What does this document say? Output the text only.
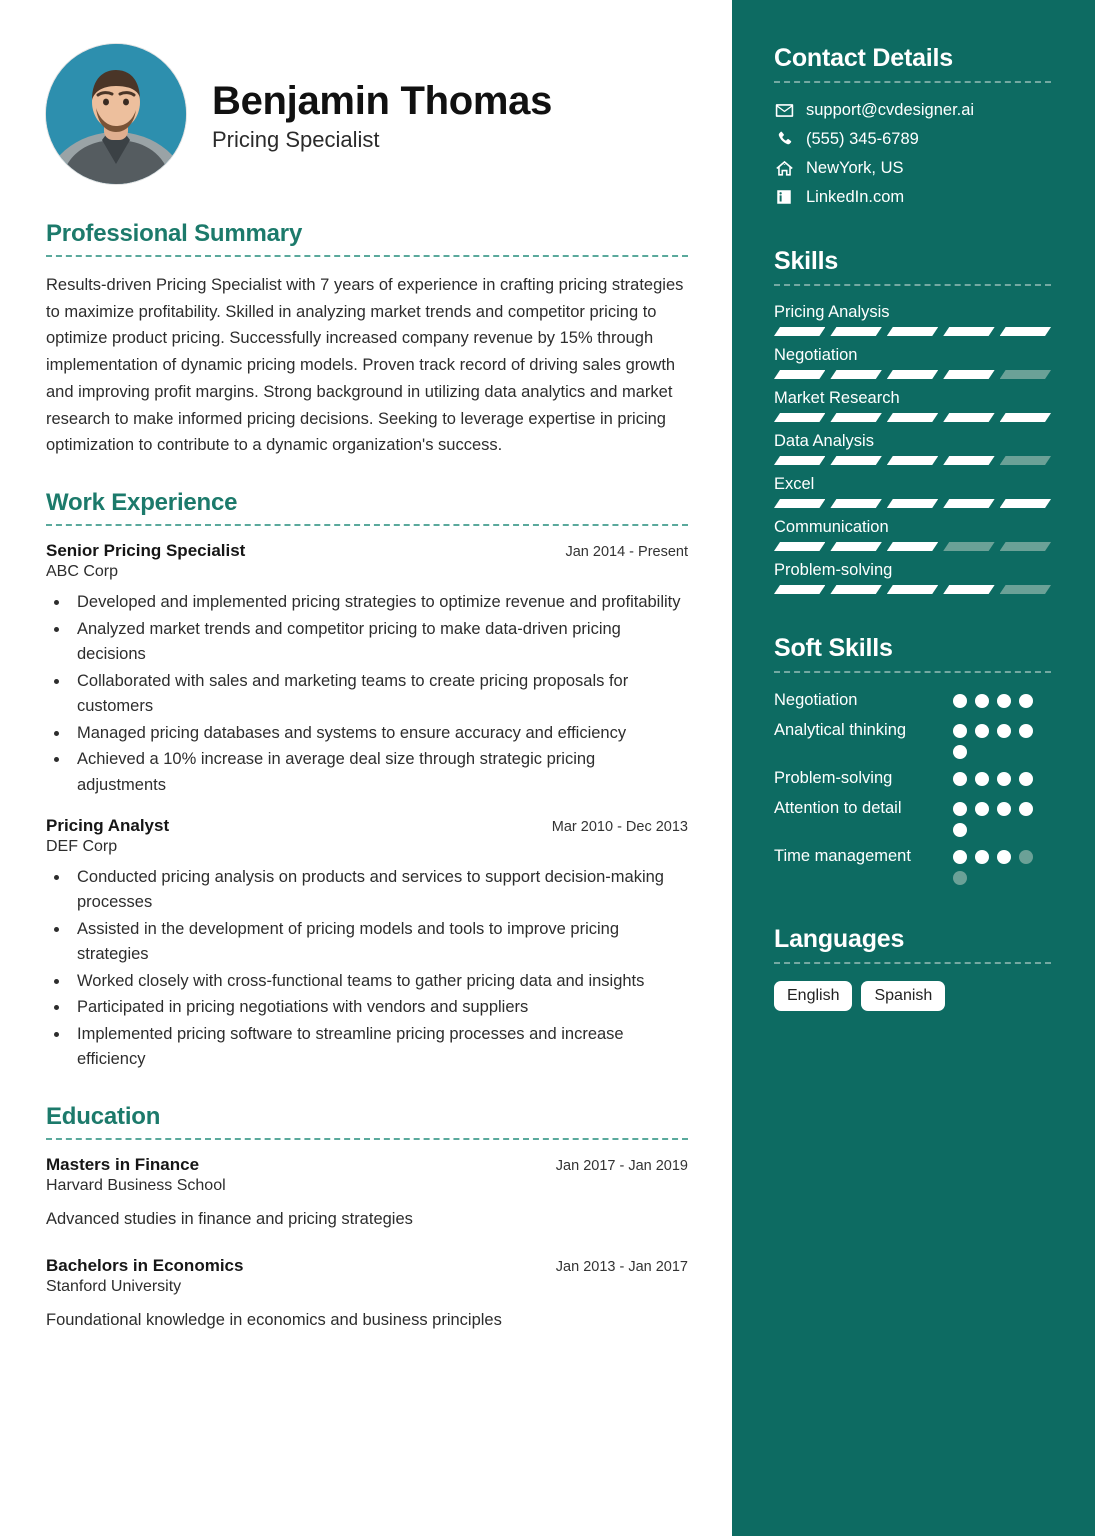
Benjamin Thomas
Pricing Specialist
Professional Summary
Results-driven Pricing Specialist with 7 years of experience in crafting pricing strategies to maximize profitability. Skilled in analyzing market trends and competitor pricing to optimize product pricing. Successfully increased company revenue by 15% through implementation of dynamic pricing models. Proven track record of driving sales growth and improving profit margins. Strong background in utilizing data analytics and market research to make informed pricing decisions. Seeking to leverage expertise in pricing optimization to contribute to a dynamic organization's success.
Work Experience
Senior Pricing Specialist	Jan 2014 - Present
ABC Corp
• Developed and implemented pricing strategies to optimize revenue and profitability
• Analyzed market trends and competitor pricing to make data-driven pricing decisions
• Collaborated with sales and marketing teams to create pricing proposals for customers
• Managed pricing databases and systems to ensure accuracy and efficiency
• Achieved a 10% increase in average deal size through strategic pricing adjustments
Pricing Analyst	Mar 2010 - Dec 2013
DEF Corp
• Conducted pricing analysis on products and services to support decision-making processes
• Assisted in the development of pricing models and tools to improve pricing strategies
• Worked closely with cross-functional teams to gather pricing data and insights
• Participated in pricing negotiations with vendors and suppliers
• Implemented pricing software to streamline pricing processes and increase efficiency
Education
Masters in Finance	Jan 2017 - Jan 2019
Harvard Business School
Advanced studies in finance and pricing strategies
Bachelors in Economics	Jan 2013 - Jan 2017
Stanford University
Foundational knowledge in economics and business principles
Contact Details
support@cvdesigner.ai
(555) 345-6789
NewYork, US
LinkedIn.com
Skills
Pricing Analysis
Negotiation
Market Research
Data Analysis
Excel
Communication
Problem-solving
Soft Skills
Negotiation
Analytical thinking
Problem-solving
Attention to detail
Time management
Languages
English	Spanish
